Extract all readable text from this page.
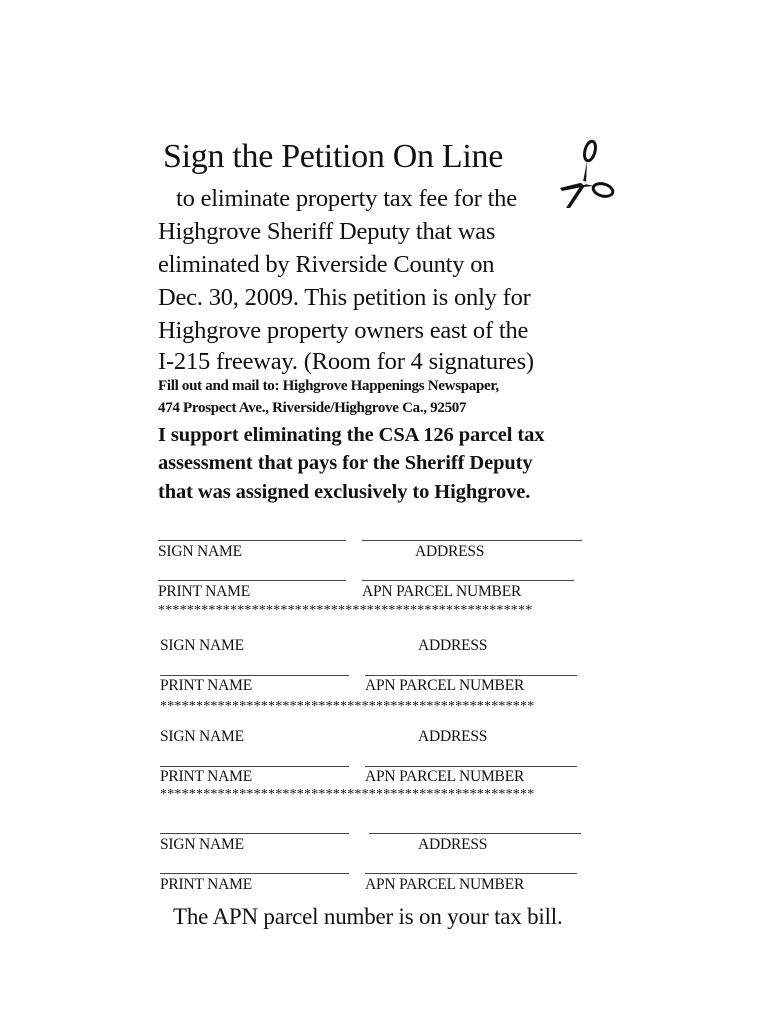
Sign the Petition On Line
to eliminate property tax fee for the
Highgrove Sheriff Deputy that was
eliminated by Riverside County on
Dec. 30, 2009. This petition is only for
Highgrove property owners east of the
I-215 freeway. (Room for 4 signatures)
Fill out and mail to: Highgrove Happenings Newspaper,
474 Prospect Ave., Riverside/Highgrove Ca., 92507
I support eliminating the CSA 126 parcel tax
assessment that pays for the Sheriff Deputy
that was assigned exclusively to Highgrove.
SIGN NAME	ADDRESS
PRINT NAME	APN PARCEL NUMBER
****************************************************
SIGN NAME	ADDRESS
PRINT NAME	APN PARCEL NUMBER
****************************************************
SIGN NAME	ADDRESS
PRINT NAME	APN PARCEL NUMBER
****************************************************
SIGN NAME	ADDRESS
PRINT NAME	APN PARCEL NUMBER
The APN parcel number is on your tax bill.
